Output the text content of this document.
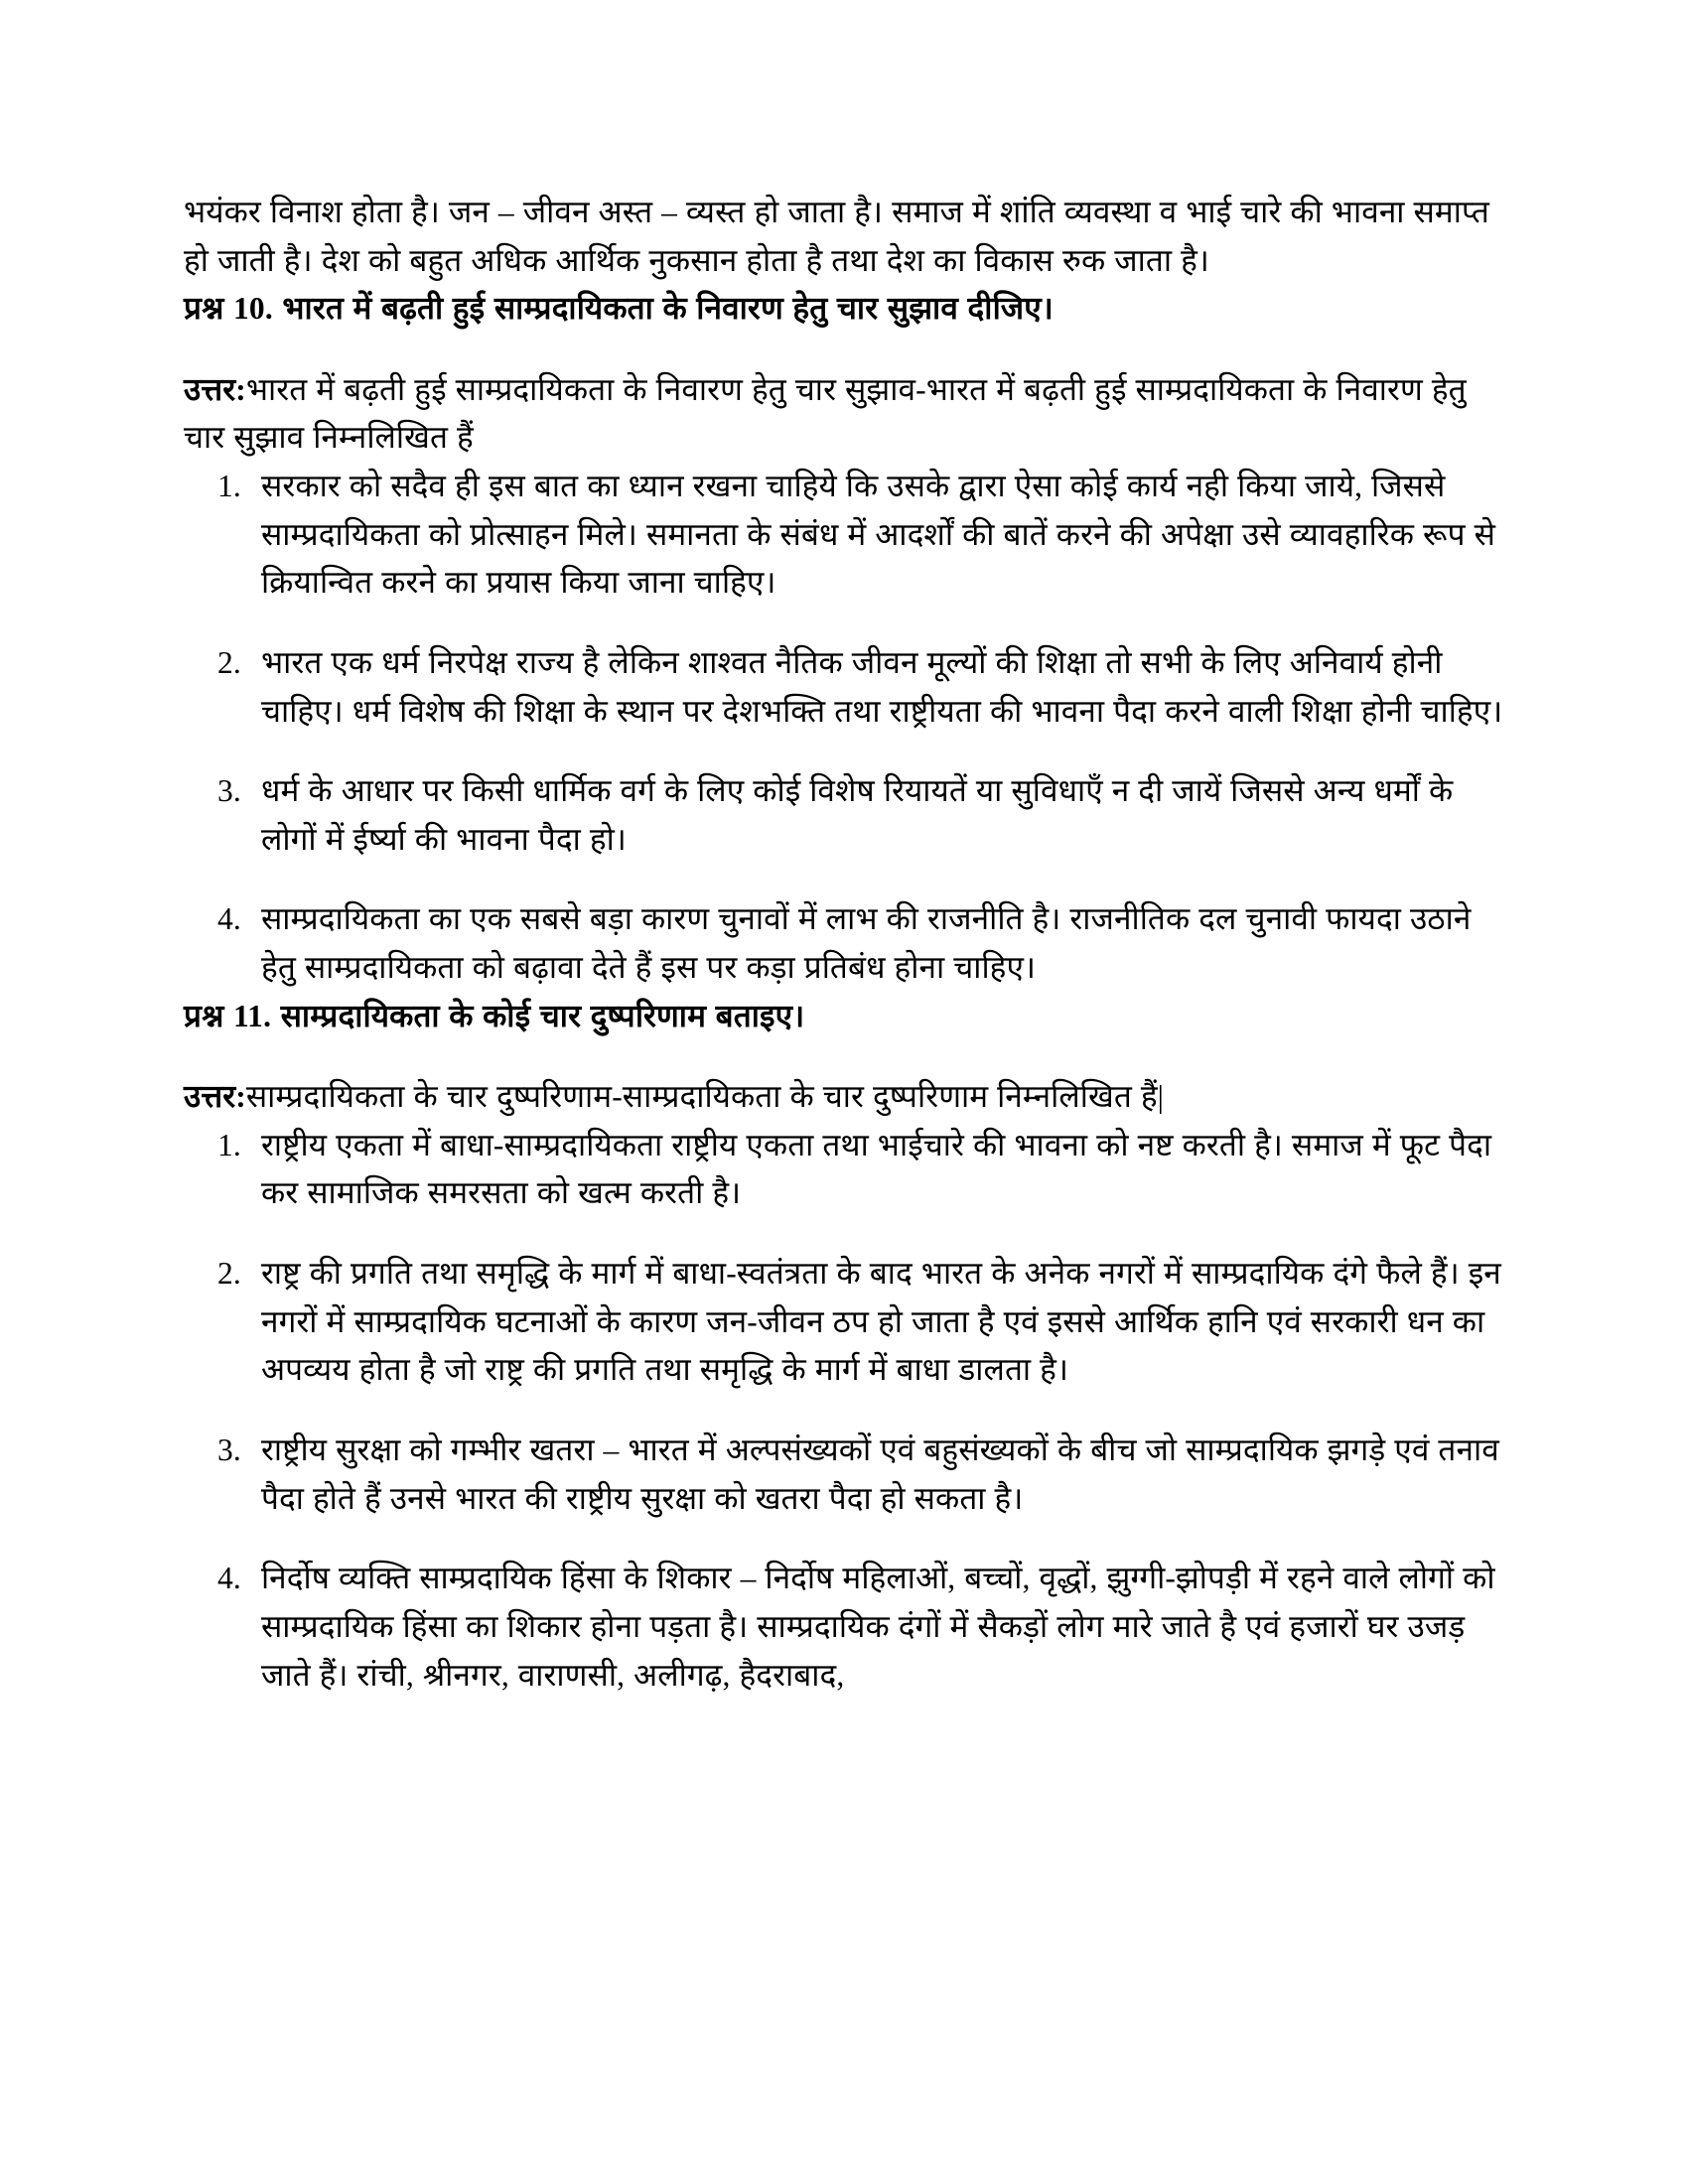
भयंकर विनाश होता है। जन – जीवन अस्त – व्यस्त हो जाता है। समाज में शांति व्यवस्था व भाई चारे की भावना समाप्त हो जाती है। देश को बहुत अधिक आर्थिक नुकसान होता है तथा देश का विकास रुक जाता है।

प्रश्न 10. भारत में बढ़ती हुई साम्प्रदायिकता के निवारण हेतु चार सुझाव दीजिए।

उत्तर:भारत में बढ़ती हुई साम्प्रदायिकता के निवारण हेतु चार सुझाव-भारत में बढ़ती हुई साम्प्रदायिकता के निवारण हेतु चार सुझाव निम्नलिखित हैं

सरकार को सदैव ही इस बात का ध्यान रखना चाहिये कि उसके द्वारा ऐसा कोई कार्य नही किया जाये, जिससे साम्प्रदायिकता को प्रोत्साहन मिले। समानता के संबंध में आदर्शों की बातें करने की अपेक्षा उसे व्यावहारिक रूप से क्रियान्वित करने का प्रयास किया जाना चाहिए।
भारत एक धर्म निरपेक्ष राज्य है लेकिन शाश्वत नैतिक जीवन मूल्यों की शिक्षा तो सभी के लिए अनिवार्य होनी चाहिए। धर्म विशेष की शिक्षा के स्थान पर देशभक्ति तथा राष्ट्रीयता की भावना पैदा करने वाली शिक्षा होनी चाहिए।
धर्म के आधार पर किसी धार्मिक वर्ग के लिए कोई विशेष रियायतें या सुविधाएँ न दी जायें जिससे अन्य धर्मों के लोगों में ईर्ष्या की भावना पैदा हो।
साम्प्रदायिकता का एक सबसे बड़ा कारण चुनावों में लाभ की राजनीति है। राजनीतिक दल चुनावी फायदा उठाने हेतु साम्प्रदायिकता को बढ़ावा देते हैं इस पर कड़ा प्रतिबंध होना चाहिए।
प्रश्न 11. साम्प्रदायिकता के कोई चार दुष्परिणाम बताइए।

उत्तर:साम्प्रदायिकता के चार दुष्परिणाम-साम्प्रदायिकता के चार दुष्परिणाम निम्नलिखित हैं|

राष्ट्रीय एकता में बाधा-साम्प्रदायिकता राष्ट्रीय एकता तथा भाईचारे की भावना को नष्ट करती है। समाज में फूट पैदा कर सामाजिक समरसता को खत्म करती है।
राष्ट्र की प्रगति तथा समृद्धि के मार्ग में बाधा-स्वतंत्रता के बाद भारत के अनेक नगरों में साम्प्रदायिक दंगे फैले हैं। इन नगरों में साम्प्रदायिक घटनाओं के कारण जन-जीवन ठप हो जाता है एवं इससे आर्थिक हानि एवं सरकारी धन का अपव्यय होता है जो राष्ट्र की प्रगति तथा समृद्धि के मार्ग में बाधा डालता है।
राष्ट्रीय सुरक्षा को गम्भीर खतरा – भारत में अल्पसंख्यकों एवं बहुसंख्यकों के बीच जो साम्प्रदायिक झगड़े एवं तनाव पैदा होते हैं उनसे भारत की राष्ट्रीय सुरक्षा को खतरा पैदा हो सकता है।
निर्दोष व्यक्ति साम्प्रदायिक हिंसा के शिकार – निर्दोष महिलाओं, बच्चों, वृद्धों, झुग्गी-झोपड़ी में रहने वाले लोगों को साम्प्रदायिक हिंसा का शिकार होना पड़ता है। साम्प्रदायिक दंगों में सैकड़ों लोग मारे जाते है एवं हजारों घर उजड़ जाते हैं। रांची, श्रीनगर, वाराणसी, अलीगढ़, हैदराबाद,
